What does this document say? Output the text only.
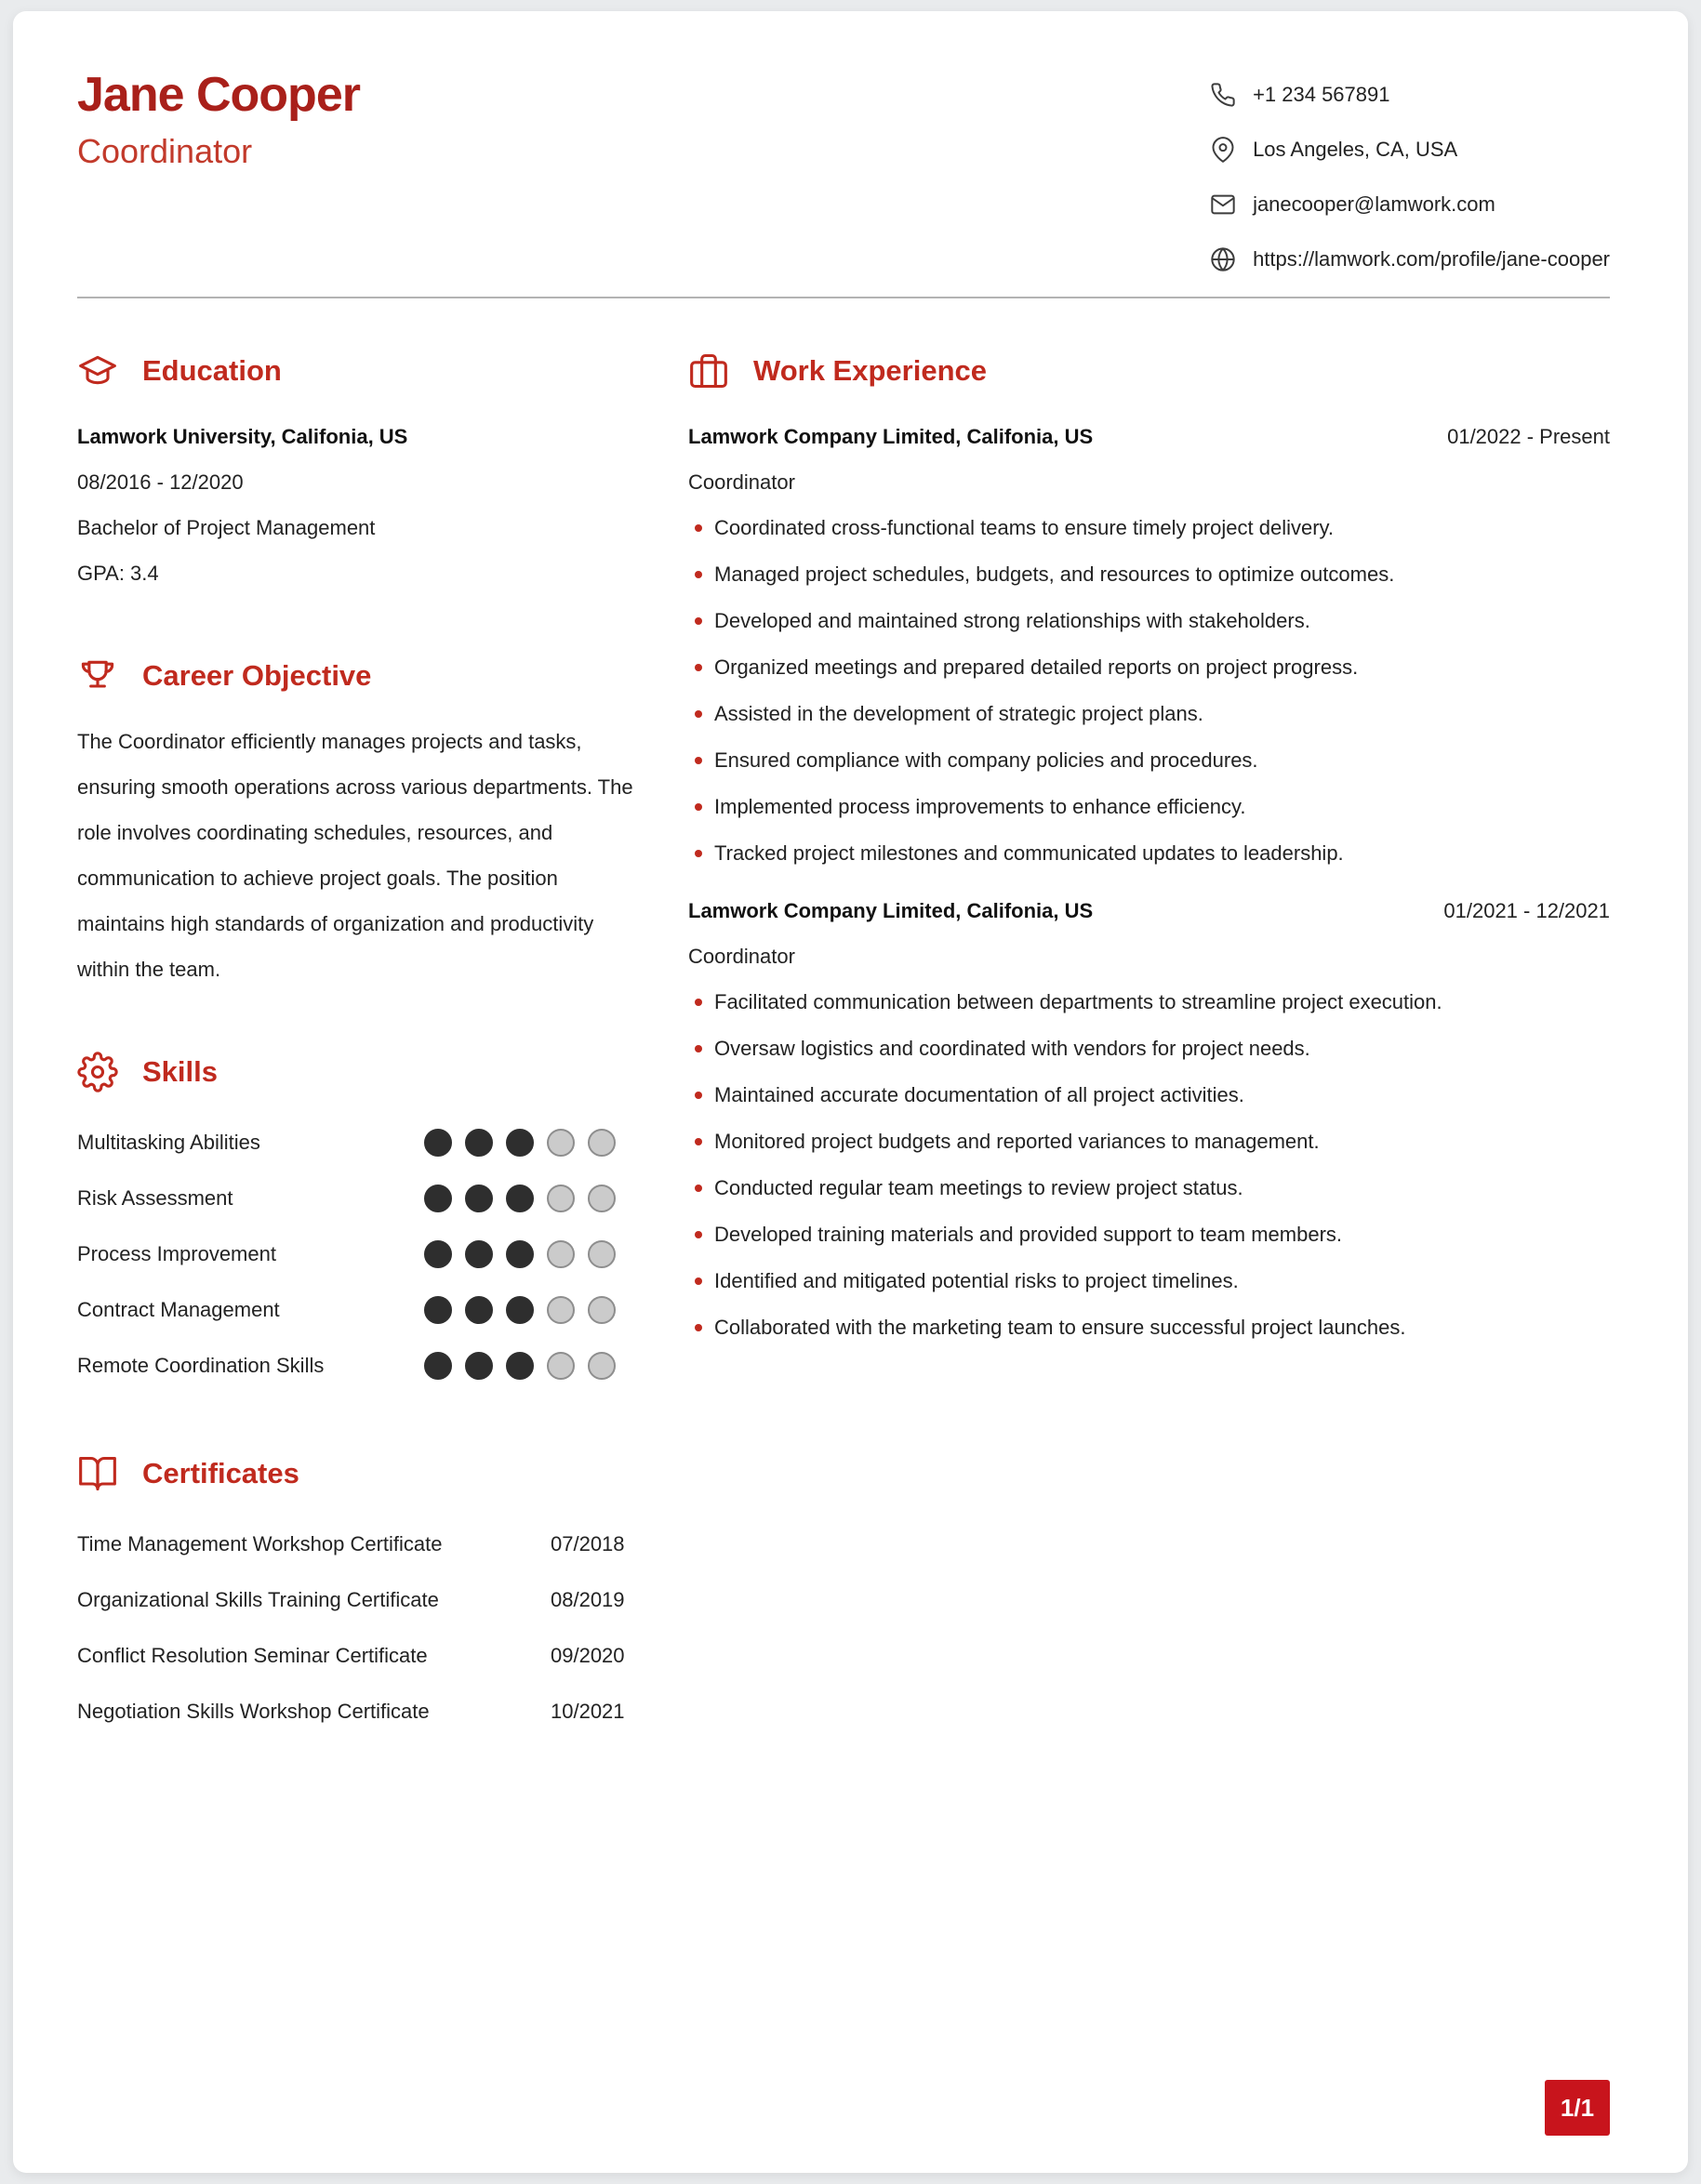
Jane Cooper
Coordinator
+1 234 567891
Los Angeles, CA, USA
janecooper@lamwork.com
https://lamwork.com/profile/jane-cooper
Education
Lamwork University, Califonia, US
08/2016 - 12/2020
Bachelor of Project Management
GPA: 3.4
Career Objective

The Coordinator efficiently manages projects and tasks, ensuring smooth operations across various departments. The role involves coordinating schedules, resources, and communication to achieve project goals. The position maintains high standards of organization and productivity within the team.

Skills
Multitasking Abilities
Risk Assessment
Process Improvement
Contract Management
Remote Coordination Skills
Certificates
Time Management Workshop Certificate	07/2018
Organizational Skills Training Certificate	08/2019
Conflict Resolution Seminar Certificate	09/2020
Negotiation Skills Workshop Certificate	10/2021
Work Experience
Lamwork Company Limited, Califonia, US	01/2022 - Present
Coordinator
Coordinated cross-functional teams to ensure timely project delivery.
Managed project schedules, budgets, and resources to optimize outcomes.
Developed and maintained strong relationships with stakeholders.
Organized meetings and prepared detailed reports on project progress.
Assisted in the development of strategic project plans.
Ensured compliance with company policies and procedures.
Implemented process improvements to enhance efficiency.
Tracked project milestones and communicated updates to leadership.
Lamwork Company Limited, Califonia, US	01/2021 - 12/2021
Coordinator
Facilitated communication between departments to streamline project execution.
Oversaw logistics and coordinated with vendors for project needs.
Maintained accurate documentation of all project activities.
Monitored project budgets and reported variances to management.
Conducted regular team meetings to review project status.
Developed training materials and provided support to team members.
Identified and mitigated potential risks to project timelines.
Collaborated with the marketing team to ensure successful project launches.
1/1
